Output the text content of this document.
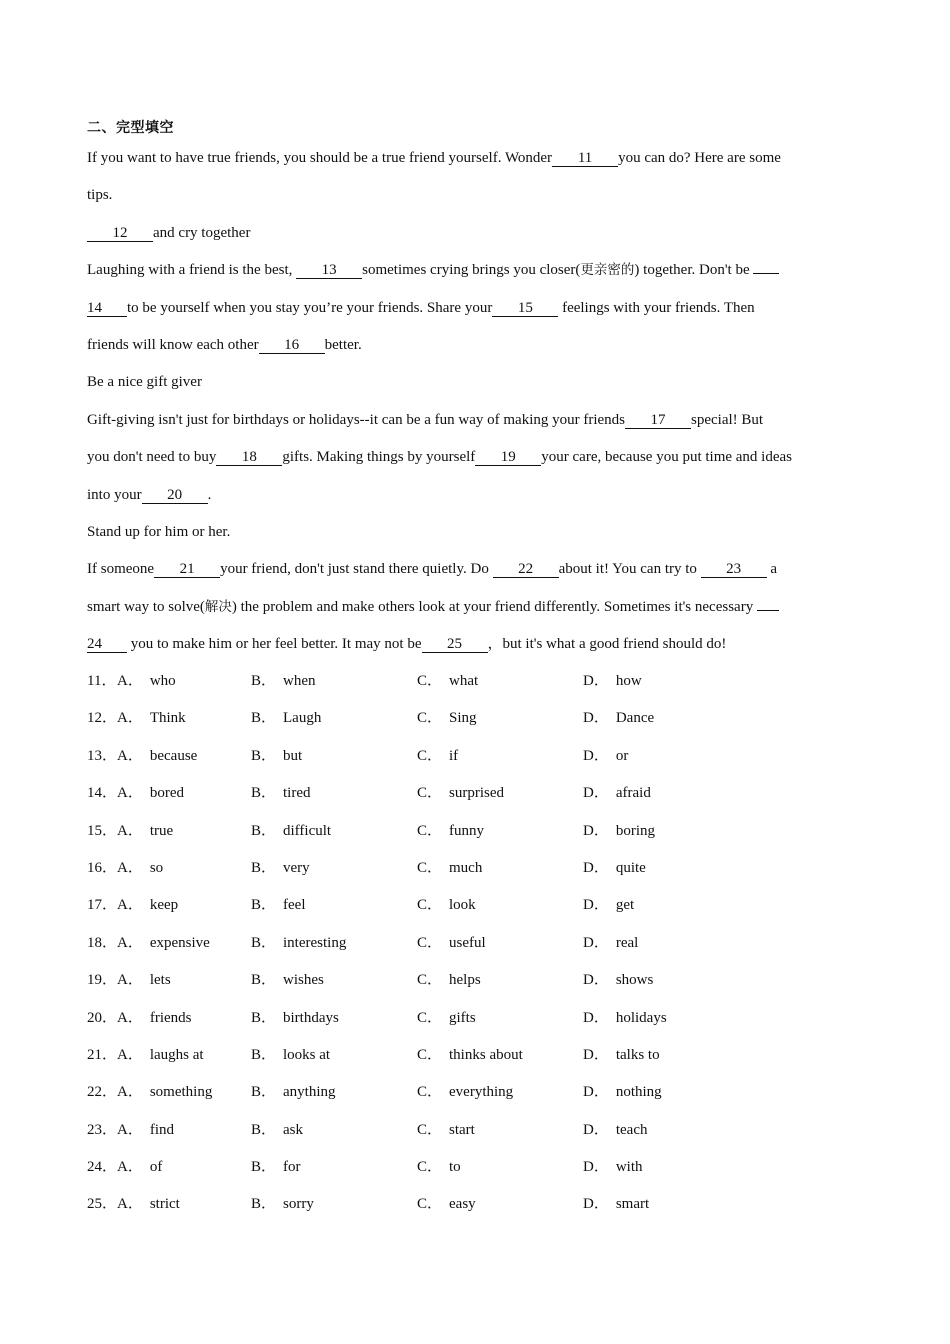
二、完型填空
If you want to have true friends, you should be a true friend yourself. Wonder 11 you can do? Here are some
tips.
12 and cry together
Laughing with a friend is the best, 13 sometimes crying brings you closer(更亲密的) together. Don't be
14 to be yourself when you stay you’re your friends. Share your 15 feelings with your friends. Then
friends will know each other 16 better.
Be a nice gift giver
Gift-giving isn't just for birthdays or holidays--it can be a fun way of making your friends 17 special! But
you don't need to buy 18 gifts. Making things by yourself 19 your care, because you put time and ideas
into your 20 .
Stand up for him or her.
If someone 21 your friend, don't just stand there quietly. Do 22 about it! You can try to 23 a
smart way to solve(解决) the problem and make others look at your friend differently. Sometimes it's necessary
24 you to make him or her feel better. It may not be 25 ，but it's what a good friend should do!
11． A． who	B． when	C． what	D． how
12． A． Think	B． Laugh	C． Sing	D． Dance
13． A． because	B． but	C． if	D． or
14． A． bored	B． tired	C． surprised	D． afraid
15． A． true	B． difficult	C． funny	D． boring
16． A． so	B． very	C． much	D． quite
17． A． keep	B． feel	C． look	D． get
18． A． expensive	B． interesting	C． useful	D． real
19． A． lets	B． wishes	C． helps	D． shows
20． A． friends	B． birthdays	C． gifts	D． holidays
21． A． laughs at	B． looks at	C． thinks about	D． talks to
22． A． something	B． anything	C． everything	D． nothing
23． A． find	B． ask	C． start	D． teach
24． A． of	B． for	C． to	D． with
25． A． strict	B． sorry	C． easy	D． smart
